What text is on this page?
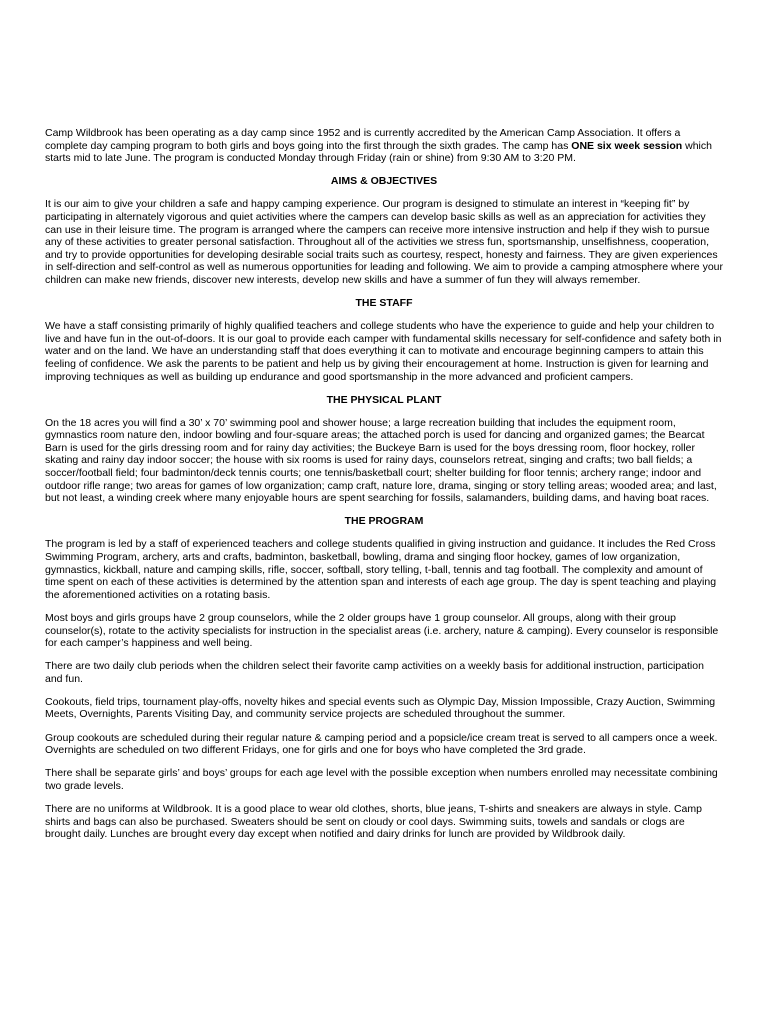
Camp Wildbrook has been operating as a day camp since 1952 and is currently accredited by the American Camp Association. It offers a complete day camping program to both girls and boys going into the first through the sixth grades. The camp has ONE six week session which starts mid to late June. The program is conducted Monday through Friday (rain or shine) from 9:30 AM to 3:20 PM.

AIMS & OBJECTIVES

It is our aim to give your children a safe and happy camping experience. Our program is designed to stimulate an interest in “keeping fit” by participating in alternately vigorous and quiet activities where the campers can develop basic skills as well as an appreciation for activities they can use in their leisure time. The program is arranged where the campers can receive more intensive instruction and help if they wish to pursue any of these activities to greater personal satisfaction. Throughout all of the activities we stress fun, sportsmanship, unselfishness, cooperation, and try to provide opportunities for developing desirable social traits such as courtesy, respect, honesty and fairness. They are given experiences in self-direction and self-control as well as numerous opportunities for leading and following. We aim to provide a camping atmosphere where your children can make new friends, discover new interests, develop new skills and have a summer of fun they will always remember.

THE STAFF

We have a staff consisting primarily of highly qualified teachers and college students who have the experience to guide and help your children to live and have fun in the out-of-doors. It is our goal to provide each camper with fundamental skills necessary for self-confidence and safety both in water and on the land. We have an understanding staff that does everything it can to motivate and encourage beginning campers to attain this feeling of confidence. We ask the parents to be patient and help us by giving their encouragement at home. Instruction is given for learning and improving techniques as well as building up endurance and good sportsmanship in the more advanced and proficient campers.

THE PHYSICAL PLANT

On the 18 acres you will find a 30’ x 70’ swimming pool and shower house; a large recreation building that includes the equipment room, gymnastics room nature den, indoor bowling and four-square areas; the attached porch is used for dancing and organized games; the Bearcat Barn is used for the girls dressing room and for rainy day activities; the Buckeye Barn is used for the boys dressing room, floor hockey, roller skating and rainy day indoor soccer; the house with six rooms is used for rainy days, counselors retreat, singing and crafts; two ball fields; a soccer/football field; four badminton/deck tennis courts; one tennis/basketball court; shelter building for floor tennis; archery range; indoor and outdoor rifle range; two areas for games of low organization; camp craft, nature lore, drama, singing or story telling areas; wooded area; and last, but not least, a winding creek where many enjoyable hours are spent searching for fossils, salamanders, building dams, and having boat races.

THE PROGRAM

The program is led by a staff of experienced teachers and college students qualified in giving instruction and guidance. It includes the Red Cross Swimming Program, archery, arts and crafts, badminton, basketball, bowling, drama and singing floor hockey, games of low organization, gymnastics, kickball, nature and camping skills, rifle, soccer, softball, story telling, t-ball, tennis and tag football. The complexity and amount of time spent on each of these activities is determined by the attention span and interests of each age group. The day is spent teaching and playing the aforementioned activities on a rotating basis.

Most boys and girls groups have 2 group counselors, while the 2 older groups have 1 group counselor. All groups, along with their group counselor(s), rotate to the activity specialists for instruction in the specialist areas (i.e. archery, nature & camping). Every counselor is responsible for each camper’s happiness and well being.

There are two daily club periods when the children select their favorite camp activities on a weekly basis for additional instruction, participation and fun.

Cookouts, field trips, tournament play-offs, novelty hikes and special events such as Olympic Day, Mission Impossible, Crazy Auction, Swimming Meets, Overnights, Parents Visiting Day, and community service projects are scheduled throughout the summer.

Group cookouts are scheduled during their regular nature & camping period and a popsicle/ice cream treat is served to all campers once a week. Overnights are scheduled on two different Fridays, one for girls and one for boys who have completed the 3rd grade.

There shall be separate girls’ and boys’ groups for each age level with the possible exception when numbers enrolled may necessitate combining two grade levels.

There are no uniforms at Wildbrook. It is a good place to wear old clothes, shorts, blue jeans, T-shirts and sneakers are always in style. Camp shirts and bags can also be purchased. Sweaters should be sent on cloudy or cool days. Swimming suits, towels and sandals or clogs are brought daily. Lunches are brought every day except when notified and dairy drinks for lunch are provided by Wildbrook daily.
